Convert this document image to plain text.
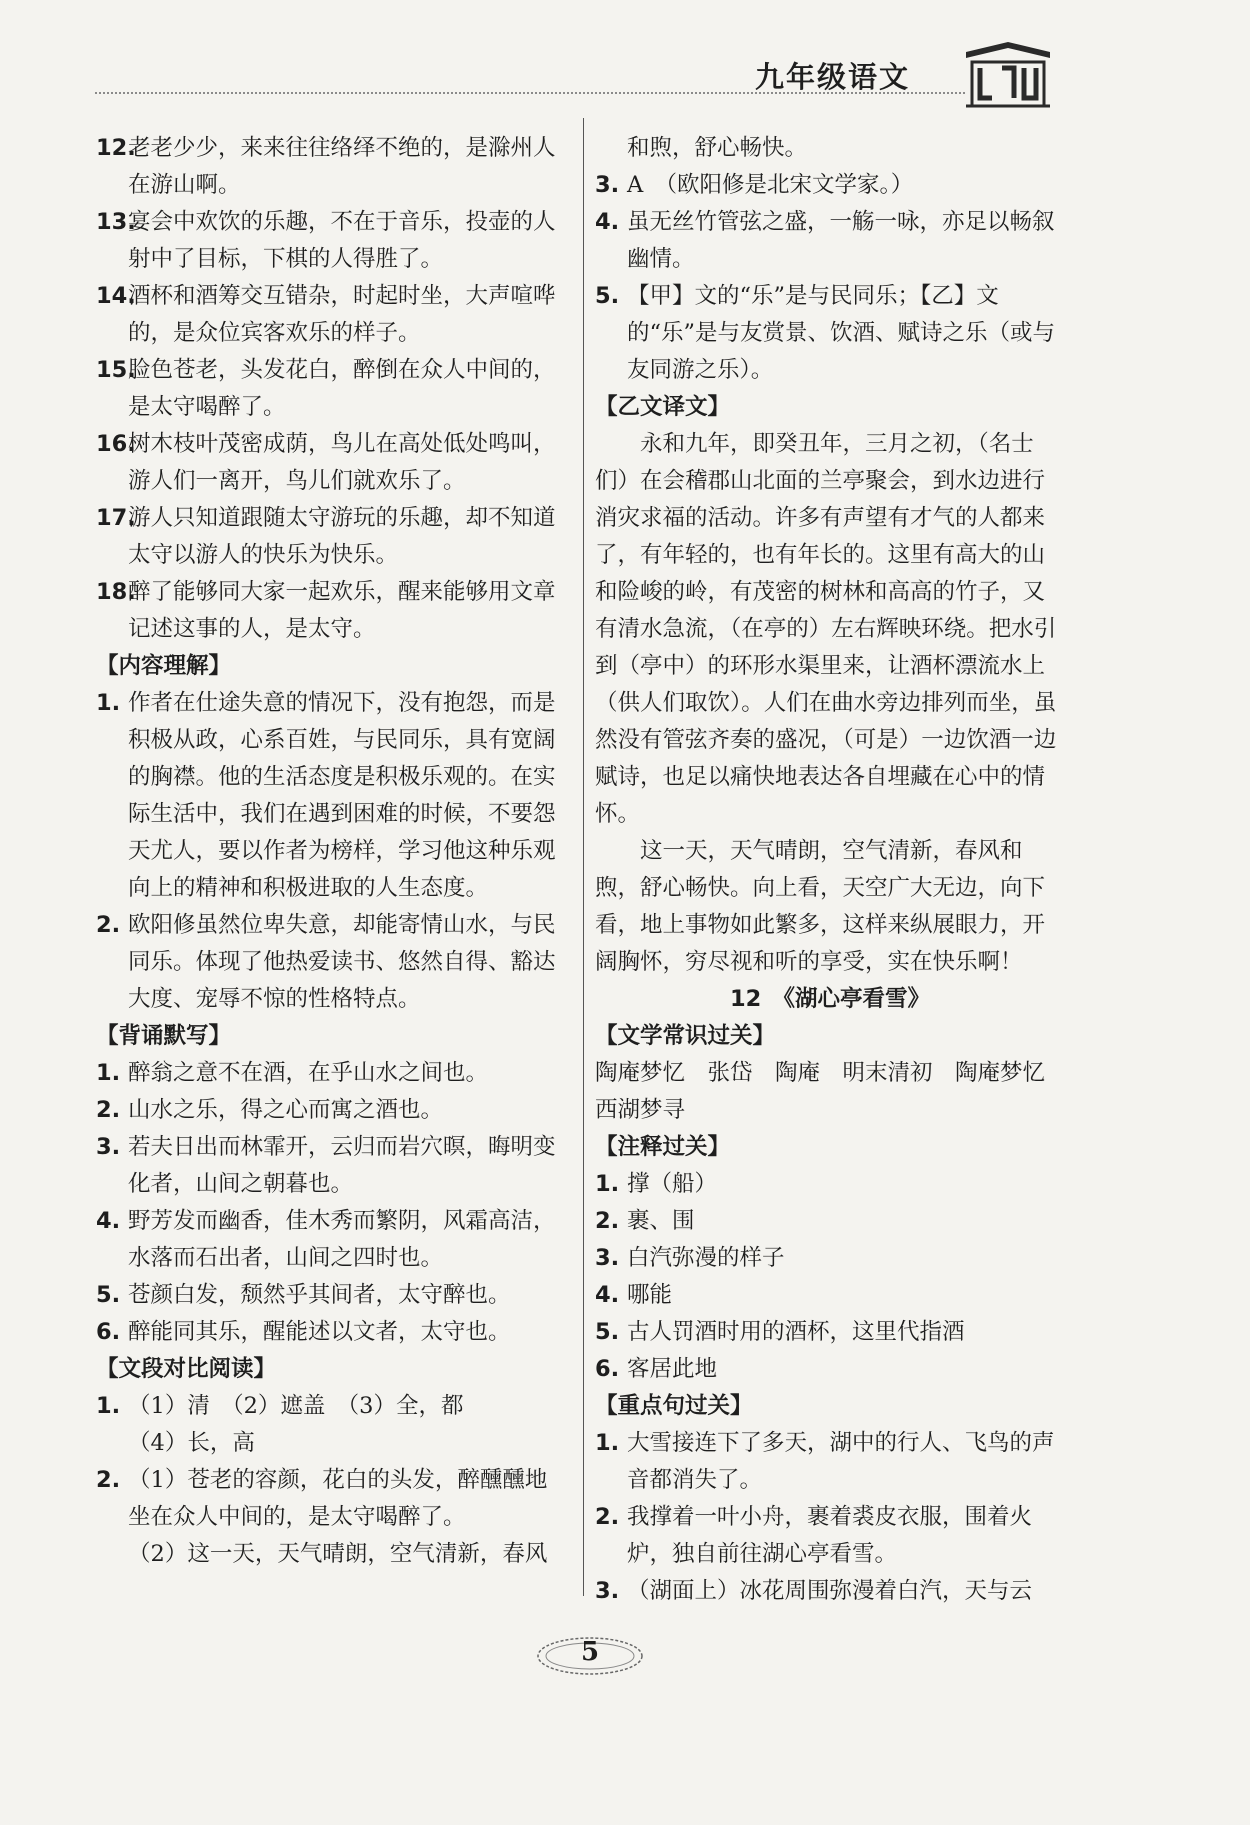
九年级语文
12.

老老少少，来来往往络绎不绝的，是滁州人在游山啊。

13.

宴会中欢饮的乐趣，不在于音乐，投壶的人射中了目标，下棋的人得胜了。

14.

酒杯和酒筹交互错杂，时起时坐，大声喧哗的，是众位宾客欢乐的样子。

15.

脸色苍老，头发花白，醉倒在众人中间的，是太守喝醉了。

16.

树木枝叶茂密成荫，鸟儿在高处低处鸣叫，游人们一离开，鸟儿们就欢乐了。

17.

游人只知道跟随太守游玩的乐趣，却不知道太守以游人的快乐为快乐。

18.

醉了能够同大家一起欢乐，醒来能够用文章记述这事的人，是太守。

【内容理解】

1. 作者在仕途失意的情况下，没有抱怨，而是积极从政，心系百姓，与民同乐，具有宽阔的胸襟。他的生活态度是积极乐观的。在实际生活中，我们在遇到困难的时候，不要怨天尤人，要以作者为榜样，学习他这种乐观向上的精神和积极进取的人生态度。

2. 欧阳修虽然位卑失意，却能寄情山水，与民同乐。体现了他热爱读书、悠然自得、豁达大度、宠辱不惊的性格特点。

【背诵默写】

1. 醉翁之意不在酒，在乎山水之间也。

2. 山水之乐，得之心而寓之酒也。

3. 若夫日出而林霏开，云归而岩穴暝，晦明变化者，山间之朝暮也。

4. 野芳发而幽香，佳木秀而繁阴，风霜高洁，水落而石出者，山间之四时也。

5. 苍颜白发，颓然乎其间者，太守醉也。

6. 醉能同其乐，醒能述以文者，太守也。

【文段对比阅读】

1. （1）清　（2）遮盖　（3）全，都

（4）长，高

2. （1）苍老的容颜，花白的头发，醉醺醺地坐在众人中间的，是太守喝醉了。

（2）这一天，天气晴朗，空气清新，春风

和煦，舒心畅快。

3. A　（欧阳修是北宋文学家。）

4. 虽无丝竹管弦之盛，一觞一咏，亦足以畅叙幽情。

5. 【甲】文的“乐”是与民同乐；【乙】文的“乐”是与友赏景、饮酒、赋诗之乐（或与友同游之乐）。

【乙文译文】

永和九年，即癸丑年，三月之初，（名士们）在会稽郡山北面的兰亭聚会，到水边进行消灾求福的活动。许多有声望有才气的人都来了，有年轻的，也有年长的。这里有高大的山和险峻的岭，有茂密的树林和高高的竹子，又有清水急流，（在亭的）左右辉映环绕。把水引到（亭中）的环形水渠里来，让酒杯漂流水上（供人们取饮）。人们在曲水旁边排列而坐，虽然没有管弦齐奏的盛况，（可是）一边饮酒一边赋诗，也足以痛快地表达各自埋藏在心中的情怀。

这一天，天气晴朗，空气清新，春风和煦，舒心畅快。向上看，天空广大无边，向下看，地上事物如此繁多，这样来纵展眼力，开阔胸怀，穷尽视和听的享受，实在快乐啊！

12　《湖心亭看雪》

【文学常识过关】

陶庵梦忆　张岱　陶庵　明末清初　陶庵梦忆　西湖梦寻

【注释过关】

1. 撑（船）

2. 裹、围

3. 白汽弥漫的样子

4. 哪能

5. 古人罚酒时用的酒杯，这里代指酒

6. 客居此地

【重点句过关】

1. 大雪接连下了多天，湖中的行人、飞鸟的声音都消失了。

2. 我撑着一叶小舟，裹着裘皮衣服，围着火炉，独自前往湖心亭看雪。

3. （湖面上）冰花周围弥漫着白汽，天与云

5
